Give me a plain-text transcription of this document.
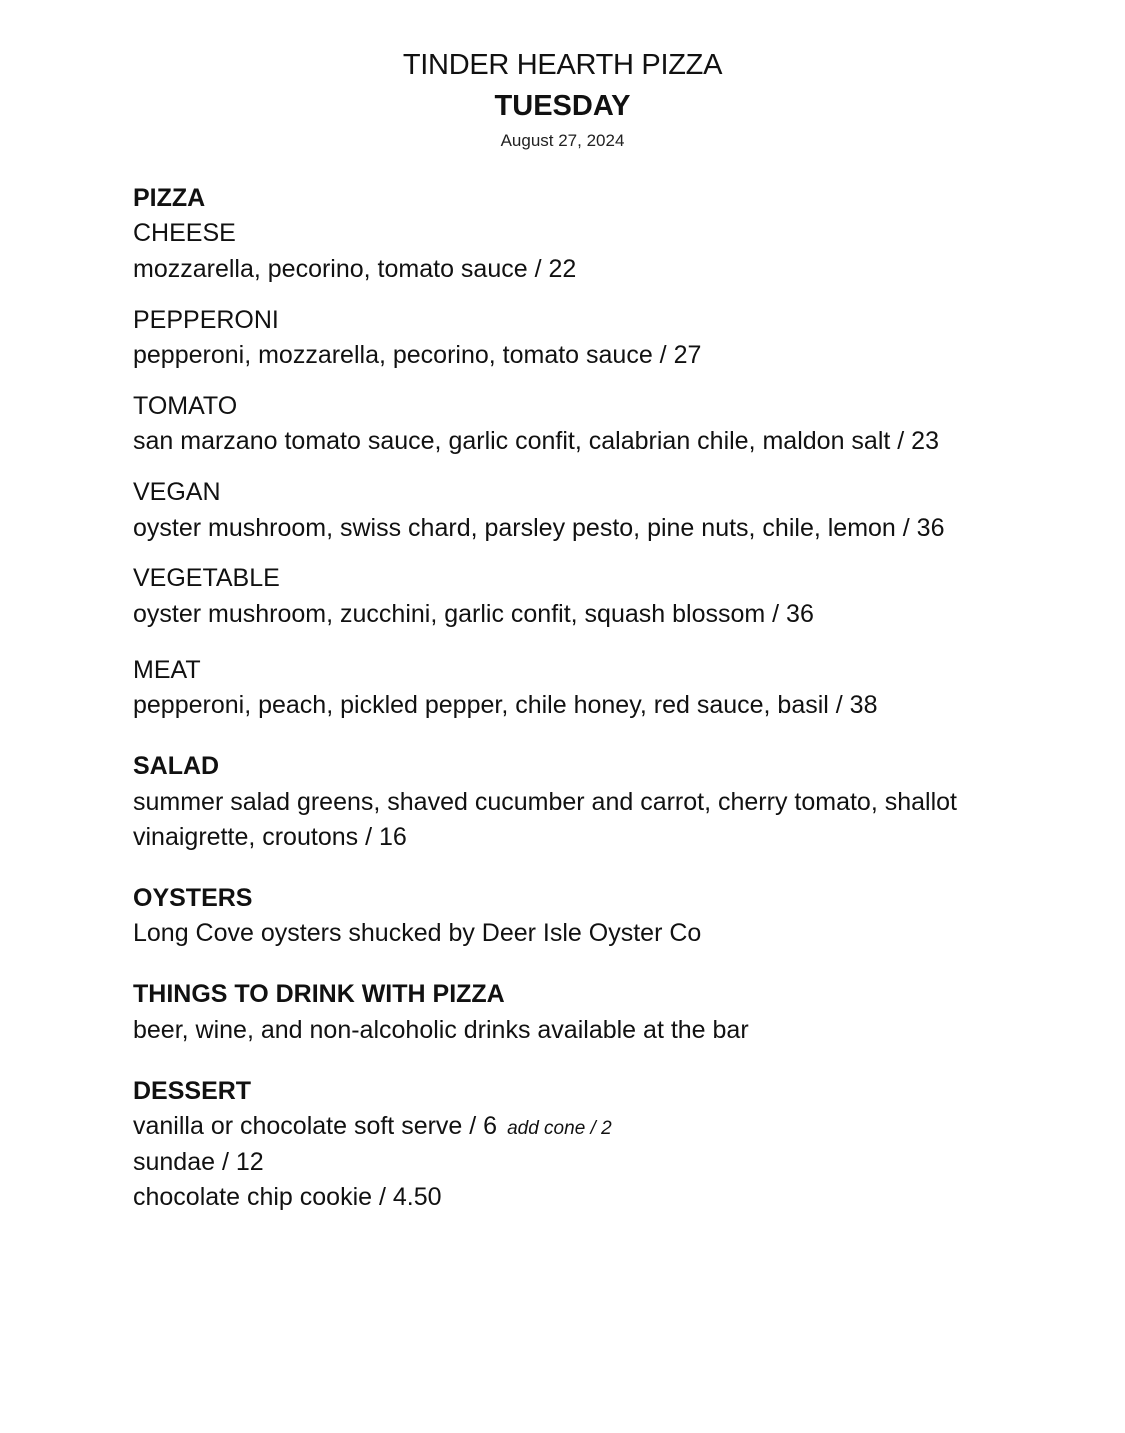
TINDER HEARTH PIZZA
TUESDAY
August 27, 2024
PIZZA
CHEESE
mozzarella, pecorino, tomato sauce / 22
PEPPERONI
pepperoni, mozzarella, pecorino, tomato sauce / 27
TOMATO
san marzano tomato sauce, garlic confit, calabrian chile, maldon salt / 23
VEGAN
oyster mushroom, swiss chard, parsley pesto, pine nuts, chile, lemon / 36
VEGETABLE
oyster mushroom, zucchini, garlic confit, squash blossom / 36
MEAT
pepperoni, peach, pickled pepper, chile honey, red sauce, basil / 38
SALAD
summer salad greens, shaved cucumber and carrot, cherry tomato, shallot
vinaigrette, croutons / 16
OYSTERS
Long Cove oysters shucked by Deer Isle Oyster Co
THINGS TO DRINK WITH PIZZA
beer, wine, and non-alcoholic drinks available at the bar
DESSERT
vanilla or chocolate soft serve / 6 add cone / 2
sundae / 12
chocolate chip cookie / 4.50
